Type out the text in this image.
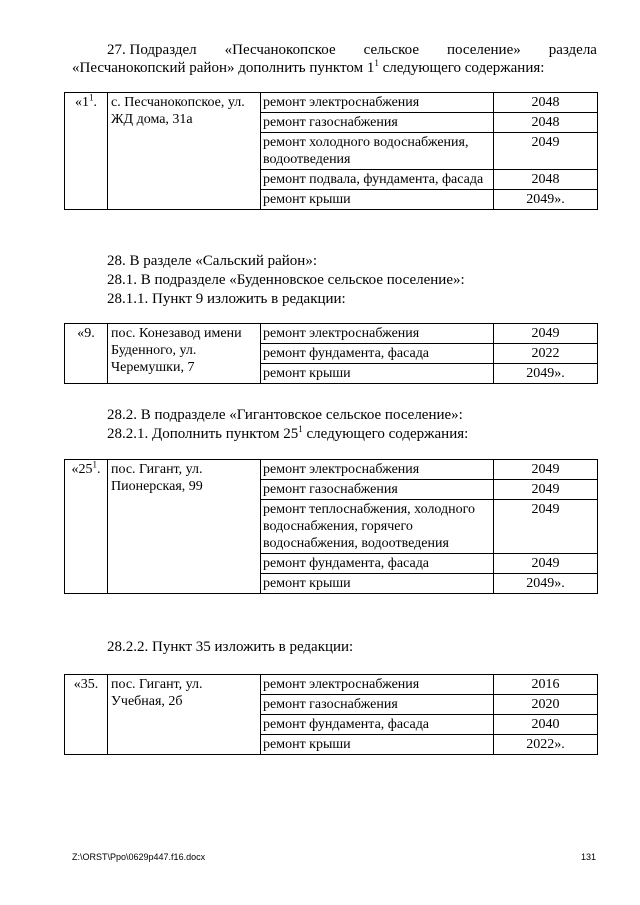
27. Подраздел «Песчанокопское сельское поселение» раздела

«Песчанокопский район» дополнить пунктом $1^1$ следующего содержания:

«$1^1$.	с. Песчанокопское, ул. ЖД дома, 31а	ремонт электроснабжения	2048
		ремонт газоснабжения	2048
		ремонт холодного водоснабжения, водоотведения	2049
		ремонт подвала, фундамента, фасада	2048
		ремонт крыши	2049».

28. В разделе «Сальский район»:

28.1. В подразделе «Буденновское сельское поселение»:

28.1.1. Пункт 9 изложить в редакции:

«9.	пос. Конезавод имени Буденного, ул. Черемушки, 7	ремонт электроснабжения	2049
		ремонт фундамента, фасада	2022
		ремонт крыши	2049».

28.2. В подразделе «Гигантовское сельское поселение»:

28.2.1. Дополнить пунктом $25^1$ следующего содержания:

«$25^1$.	пос. Гигант, ул. Пионерская, 99	ремонт электроснабжения	2049
		ремонт газоснабжения	2049
		ремонт теплоснабжения, холодного водоснабжения, горячего водоснабжения, водоотведения	2049
		ремонт фундамента, фасада	2049
		ремонт крыши	2049».

28.2.2. Пункт 35 изложить в редакции:

«35.	пос. Гигант, ул. Учебная, 2б	ремонт электроснабжения	2016
		ремонт газоснабжения	2020
		ремонт фундамента, фасада	2040
		ремонт крыши	2022».
Z:\ORST\Ppo\0629p447.f16.docx	131
